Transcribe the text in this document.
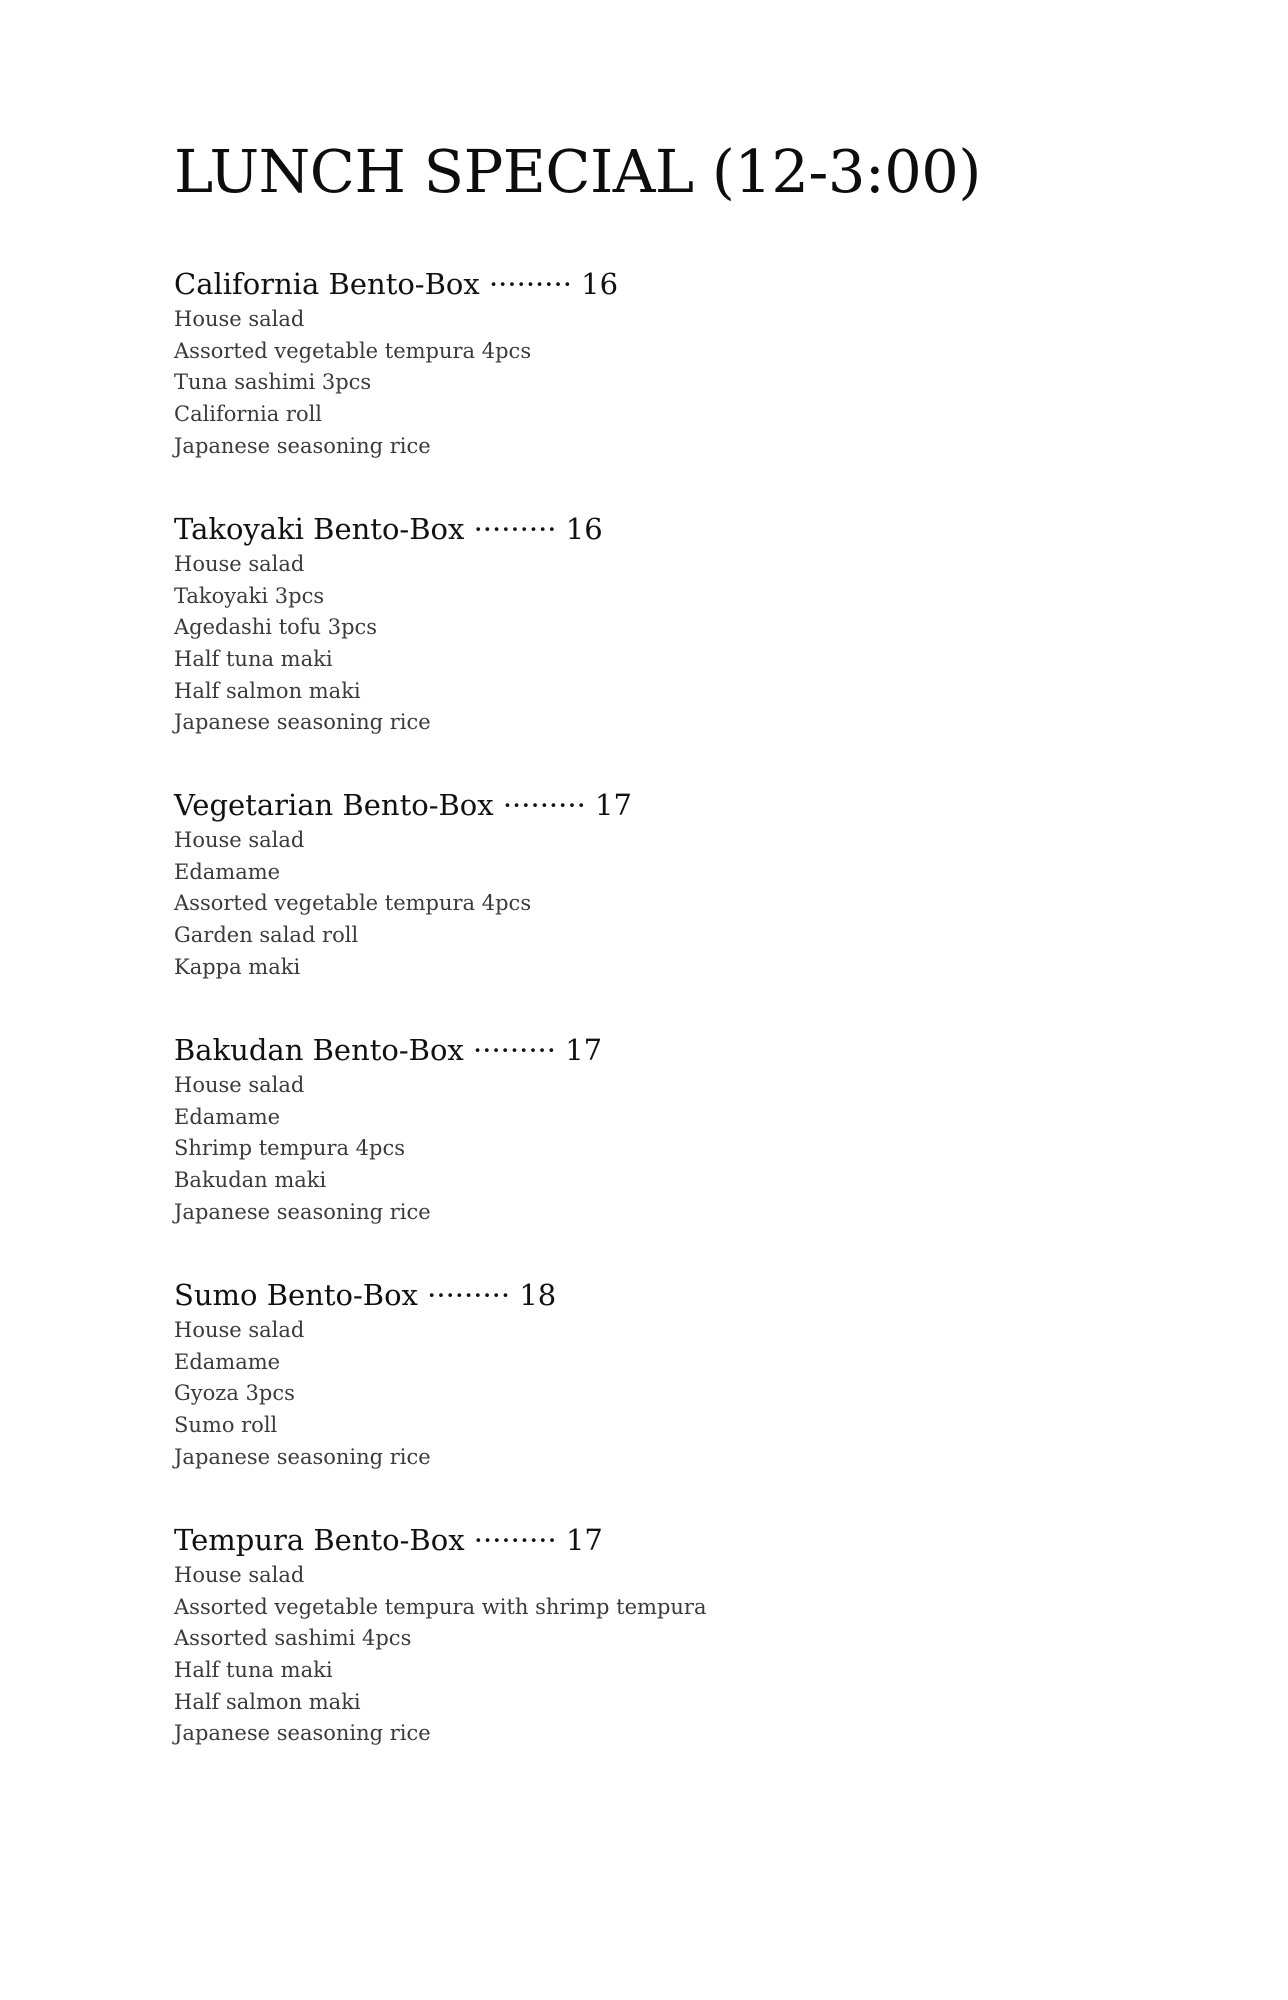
LUNCH SPECIAL (12-3:00)
California Bento-Box ········· 16
House salad
Assorted vegetable tempura 4pcs
Tuna sashimi 3pcs
California roll
Japanese seasoning rice
Takoyaki Bento-Box ········· 16
House salad
Takoyaki 3pcs
Agedashi tofu 3pcs
Half tuna maki
Half salmon maki
Japanese seasoning rice
Vegetarian Bento-Box ········· 17
House salad
Edamame
Assorted vegetable tempura 4pcs
Garden salad roll
Kappa maki
Bakudan Bento-Box ········· 17
House salad
Edamame
Shrimp tempura 4pcs
Bakudan maki
Japanese seasoning rice
Sumo Bento-Box ········· 18
House salad
Edamame
Gyoza 3pcs
Sumo roll
Japanese seasoning rice
Tempura Bento-Box ········· 17
House salad
Assorted vegetable tempura with shrimp tempura
Assorted sashimi 4pcs
Half tuna maki
Half salmon maki
Japanese seasoning rice
